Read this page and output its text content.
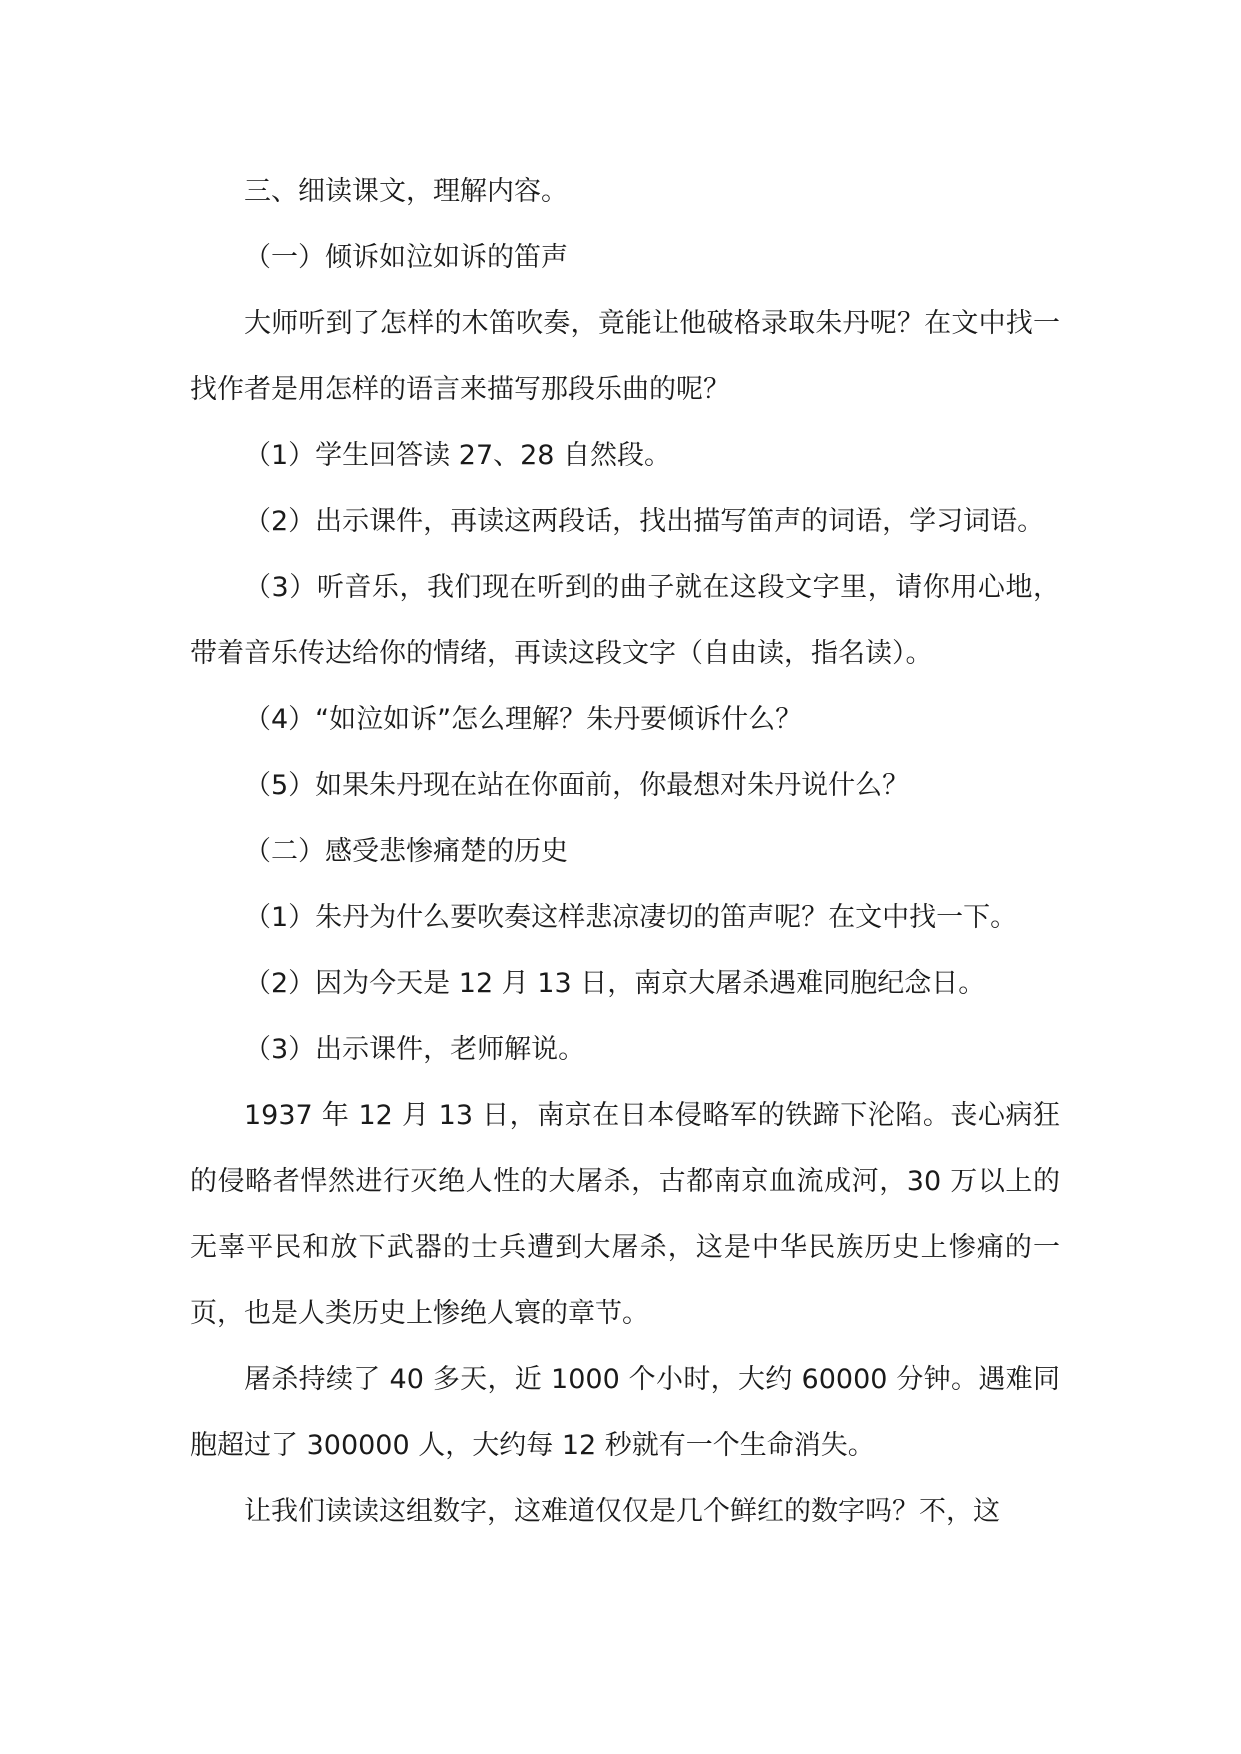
三、细读课文，理解内容。

（一）倾诉如泣如诉的笛声

大师听到了怎样的木笛吹奏，竟能让他破格录取朱丹呢？在文中找一找作者是用怎样的语言来描写那段乐曲的呢？

（1）学生回答读 27、28 自然段。

（2）出示课件，再读这两段话，找出描写笛声的词语，学习词语。

（3）听音乐，我们现在听到的曲子就在这段文字里，请你用心地，带着音乐传达给你的情绪，再读这段文字（自由读，指名读）。

（4）“如泣如诉”怎么理解？朱丹要倾诉什么？

（5）如果朱丹现在站在你面前，你最想对朱丹说什么？

（二）感受悲惨痛楚的历史

（1）朱丹为什么要吹奏这样悲凉凄切的笛声呢？在文中找一下。

（2）因为今天是 12 月 13 日，南京大屠杀遇难同胞纪念日。

（3）出示课件，老师解说。

1937 年 12 月 13 日，南京在日本侵略军的铁蹄下沦陷。丧心病狂的侵略者悍然进行灭绝人性的大屠杀，古都南京血流成河，30 万以上的无辜平民和放下武器的士兵遭到大屠杀，这是中华民族历史上惨痛的一页，也是人类历史上惨绝人寰的章节。

屠杀持续了 40 多天，近 1000 个小时，大约 60000 分钟。遇难同胞超过了 300000 人，大约每 12 秒就有一个生命消失。

让我们读读这组数字，这难道仅仅是几个鲜红的数字吗？不，这
